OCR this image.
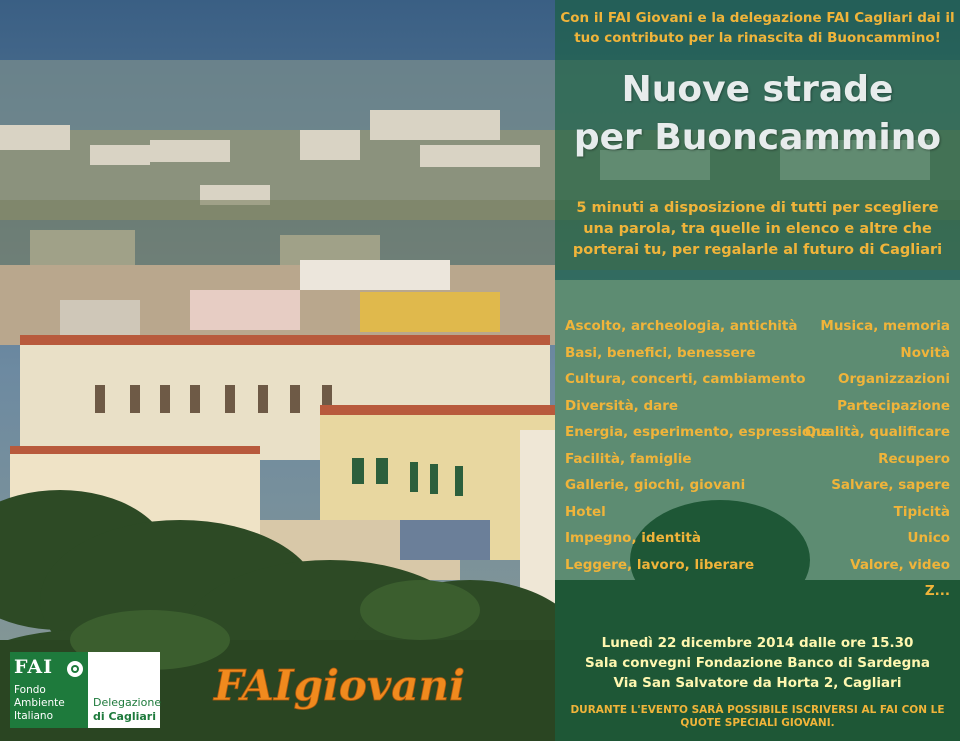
Con il FAI Giovani e la delegazione FAI Cagliari dai il tuo contributo per la rinascita di Buoncammino!

Nuove strade
per Buoncammino

5 minuti a disposizione di tutti per scegliere una parola, tra quelle in elenco e altre che porterai tu, per regalarle al futuro di Cagliari

Ascolto, archeologia, antichità
Basi, benefici, benessere
Cultura, concerti, cambiamento
Diversità, dare
Energia, esperimento, espressione
Facilità, famiglie
Gallerie, giochi, giovani
Hotel
Impegno, identità
Leggere, lavoro, liberare
Musica, memoria
Novità
Organizzazioni
Partecipazione
Qualità, qualificare
Recupero
Salvare, sapere
Tipicità
Unico
Valore, video
Z...
Lunedì 22 dicembre 2014 dalle ore 15.30
Sala convegni Fondazione Banco di Sardegna
Via San Salvatore da Horta 2, Cagliari
DURANTE L'EVENTO SARÀ POSSIBILE ISCRIVERSI AL FAI CON LE
QUOTE SPECIALI GIOVANI.
FAI
Fondo
Ambiente
Italiano
Delegazione
di Cagliari
FAIgiovani
